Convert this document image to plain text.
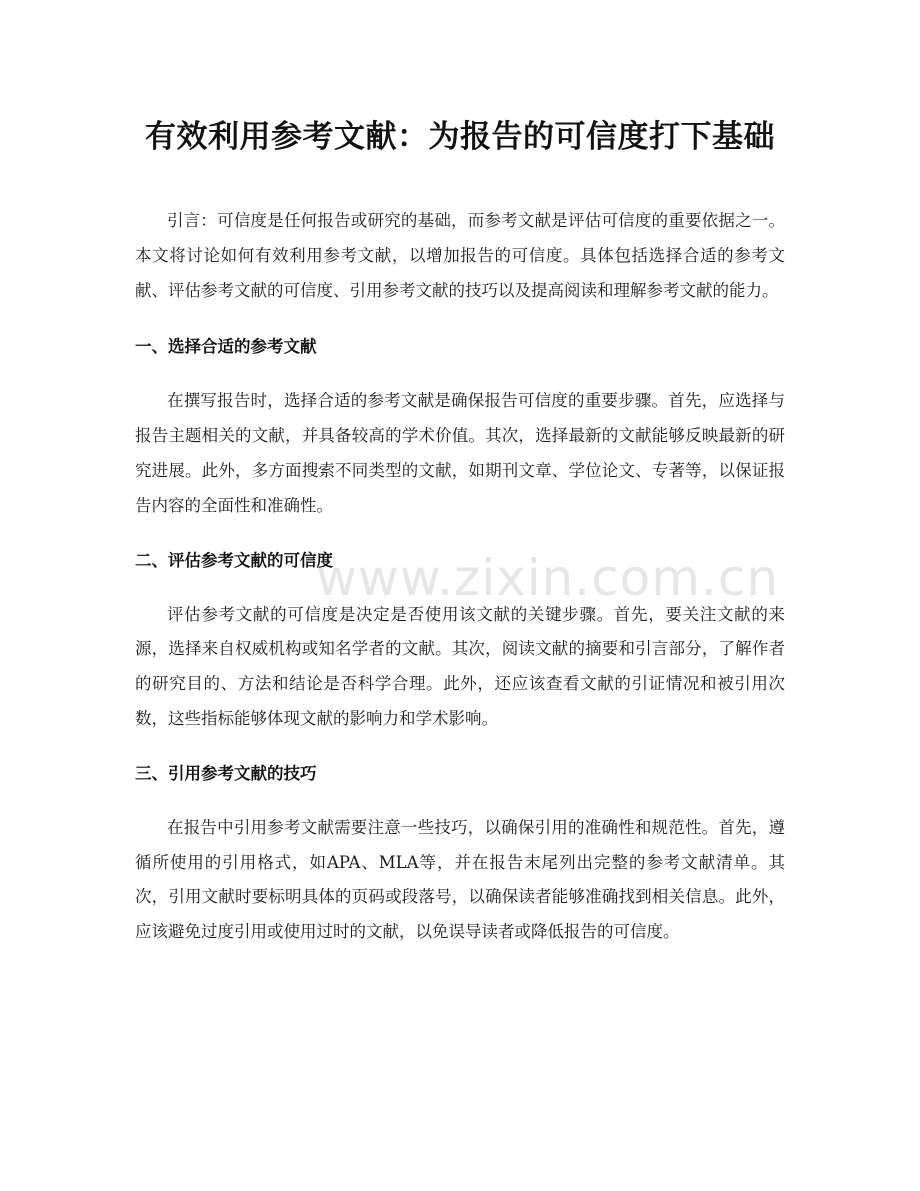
有效利用参考文献：为报告的可信度打下基础

引言：可信度是任何报告或研究的基础，而参考文献是评估可信度的重要依据之一。本文将讨论如何有效利用参考文献，以增加报告的可信度。具体包括选择合适的参考文献、评估参考文献的可信度、引用参考文献的技巧以及提高阅读和理解参考文献的能力。

一、选择合适的参考文献

在撰写报告时，选择合适的参考文献是确保报告可信度的重要步骤。首先，应选择与报告主题相关的文献，并具备较高的学术价值。其次，选择最新的文献能够反映最新的研究进展。此外，多方面搜索不同类型的文献，如期刊文章、学位论文、专著等，以保证报告内容的全面性和准确性。

二、评估参考文献的可信度

评估参考文献的可信度是决定是否使用该文献的关键步骤。首先，要关注文献的来源，选择来自权威机构或知名学者的文献。其次，阅读文献的摘要和引言部分，了解作者的研究目的、方法和结论是否科学合理。此外，还应该查看文献的引证情况和被引用次数，这些指标能够体现文献的影响力和学术影响。

三、引用参考文献的技巧

在报告中引用参考文献需要注意一些技巧，以确保引用的准确性和规范性。首先，遵循所使用的引用格式，如APA、MLA等，并在报告末尾列出完整的参考文献清单。其次，引用文献时要标明具体的页码或段落号，以确保读者能够准确找到相关信息。此外，应该避免过度引用或使用过时的文献，以免误导读者或降低报告的可信度。

www.zixin.com.cn
